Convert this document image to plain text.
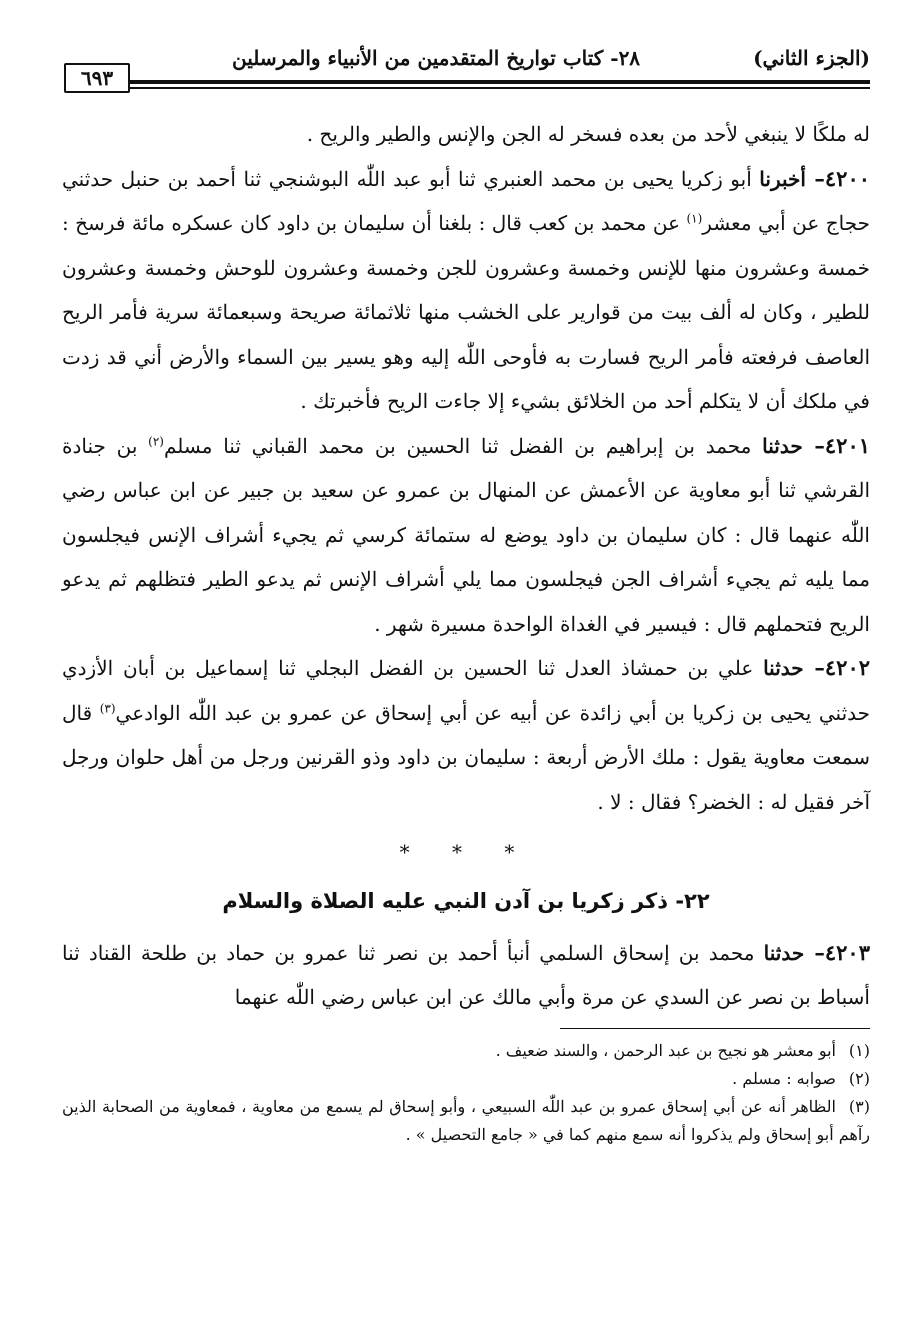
(الجزء الثاني)
٢٨- كتاب تواريخ المتقدمين من الأنبياء والمرسلين
٦٩٣

له ملكًا لا ينبغي لأحد من بعده فسخر له الجن والإنس والطير والريح .

٤٢٠٠– أخبرنا أبو زكريا يحيى بن محمد العنبري ثنا أبو عبد اللّٰه البوشنجي ثنا أحمد بن حنبل حدثني حجاج عن أبي معشر$^{(١)}$ عن محمد بن كعب قال : بلغنا أن سليمان بن داود كان عسكره مائة فرسخ : خمسة وعشرون منها للإنس وخمسة وعشرون للجن وخمسة وعشرون للوحش وخمسة وعشرون للطير ، وكان له ألف بيت من قوارير على الخشب منها ثلاثمائة صريحة وسبعمائة سرية فأمر الريح العاصف فرفعته فأمر الريح فسارت به فأوحى اللّٰه إليه وهو يسير بين السماء والأرض أني قد زدت في ملكك أن لا يتكلم أحد من الخلائق بشيء إلا جاءت الريح فأخبرتك .

٤٢٠١– حدثنا محمد بن إبراهيم بن الفضل ثنا الحسين بن محمد القباني ثنا مسلم$^{(٢)}$ بن جنادة القرشي ثنا أبو معاوية عن الأعمش عن المنهال بن عمرو عن سعيد بن جبير عن ابن عباس رضي اللّٰه عنهما قال : كان سليمان بن داود يوضع له ستمائة كرسي ثم يجيء أشراف الإنس فيجلسون مما يليه ثم يجيء أشراف الجن فيجلسون مما يلي أشراف الإنس ثم يدعو الطير فتظلهم ثم يدعو الريح فتحملهم قال : فيسير في الغداة الواحدة مسيرة شهر .

٤٢٠٢– حدثنا علي بن حمشاذ العدل ثنا الحسين بن الفضل البجلي ثنا إسماعيل بن أبان الأزدي حدثني يحيى بن زكريا بن أبي زائدة عن أبيه عن أبي إسحاق عن عمرو بن عبد اللّٰه الوادعي$^{(٣)}$ قال سمعت معاوية يقول : ملك الأرض أربعة : سليمان بن داود وذو القرنين ورجل من أهل حلوان ورجل آخر فقيل له : الخضر؟ فقال : لا .

* * *
٢٢- ذكر زكريا بن آدن النبي عليه الصلاة والسلام

٤٢٠٣– حدثنا محمد بن إسحاق السلمي أنبأ أحمد بن نصر ثنا عمرو بن حماد بن طلحة القناد ثنا أسباط بن نصر عن السدي عن مرة وأبي مالك عن ابن عباس رضي اللّٰه عنهما

(١)أبو معشر هو نجيح بن عبد الرحمن ، والسند ضعيف .

(٢)صوابه : مسلم .

(٣)الظاهر أنه عن أبي إسحاق عمرو بن عبد اللّٰه السبيعي ، وأبو إسحاق لم يسمع من معاوية ، فمعاوية من الصحابة الذين رآهم أبو إسحاق ولم يذكروا أنه سمع منهم كما في « جامع التحصيل » .
